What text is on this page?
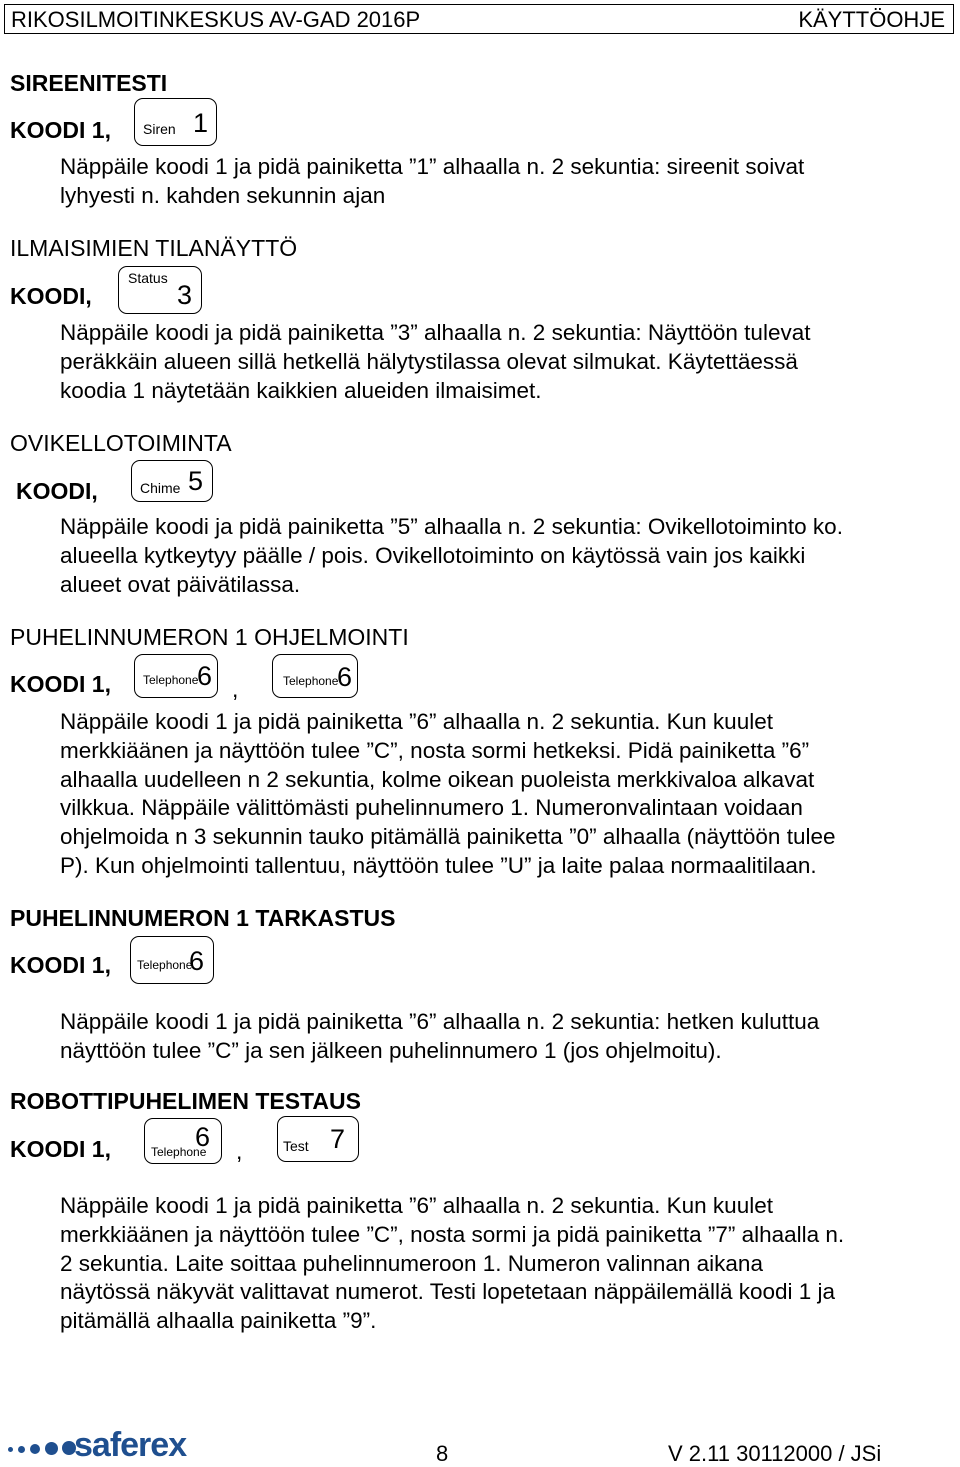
RIKOSILMOITINKESKUS AV-GAD 2016P	KÄYTTÖOHJE
SIREENITESTI
KOODI 1, Siren 1
Näppäile koodi 1 ja pidä painiketta ”1” alhaalla n. 2 sekuntia: sireenit soivat
lyhyesti n. kahden sekunnin ajan
ILMAISIMIEN TILANÄYTTÖ
KOODI,
Status
3
Näppäile koodi ja pidä painiketta ”3” alhaalla n. 2 sekuntia: Näyttöön tulevat
peräkkäin alueen sillä hetkellä hälytystilassa olevat silmukat. Käytettäessä
koodia 1 näytetään kaikkien alueiden ilmaisimet.
OVIKELLOTOIMINTA
KOODI,	Chime 5
Näppäile koodi ja pidä painiketta ”5” alhaalla n. 2 sekuntia: Ovikellotoiminto ko.
alueella kytkeytyy päälle / pois. Ovikellotoiminto on käytössä vain jos kaikki
alueet ovat päivätilassa.
PUHELINNUMERON 1 OHJELMOINTI
KOODI 1,	Telephone
6 ,	Telephone
6
Näppäile koodi 1 ja pidä painiketta ”6” alhaalla n. 2 sekuntia. Kun kuulet
merkkiäänen ja näyttöön tulee ”C”, nosta sormi hetkeksi. Pidä painiketta ”6”
alhaalla uudelleen n 2 sekuntia, kolme oikean puoleista merkkivaloa alkavat
vilkkua. Näppäile välittömästi puhelinnumero 1. Numeronvalintaan voidaan
ohjelmoida n 3 sekunnin tauko pitämällä painiketta ”0” alhaalla (näyttöön tulee
P). Kun ohjelmointi tallentuu, näyttöön tulee ”U” ja laite palaa normaalitilaan.
PUHELINNUMERON 1 TARKASTUS
KOODI 1, Telephone
6
Näppäile koodi 1 ja pidä painiketta ”6” alhaalla n. 2 sekuntia: hetken kuluttua
näyttöön tulee ”C” ja sen jälkeen puhelinnumero 1 (jos ohjelmoitu).
ROBOTTIPUHELIMEN TESTAUS
KOODI 1,	Telephone
6 ,	Test 7
Näppäile koodi 1 ja pidä painiketta ”6” alhaalla n. 2 sekuntia. Kun kuulet
merkkiäänen ja näyttöön tulee ”C”, nosta sormi ja pidä painiketta ”7” alhaalla n.
2 sekuntia. Laite soittaa puhelinnumeroon 1. Numeron valinnan aikana
näytössä näkyvät valittavat numerot. Testi lopetetaan näppäilemällä koodi 1 ja
pitämällä alhaalla painiketta ”9”.
saferex	8	V 2.11 30112000 / JSi
